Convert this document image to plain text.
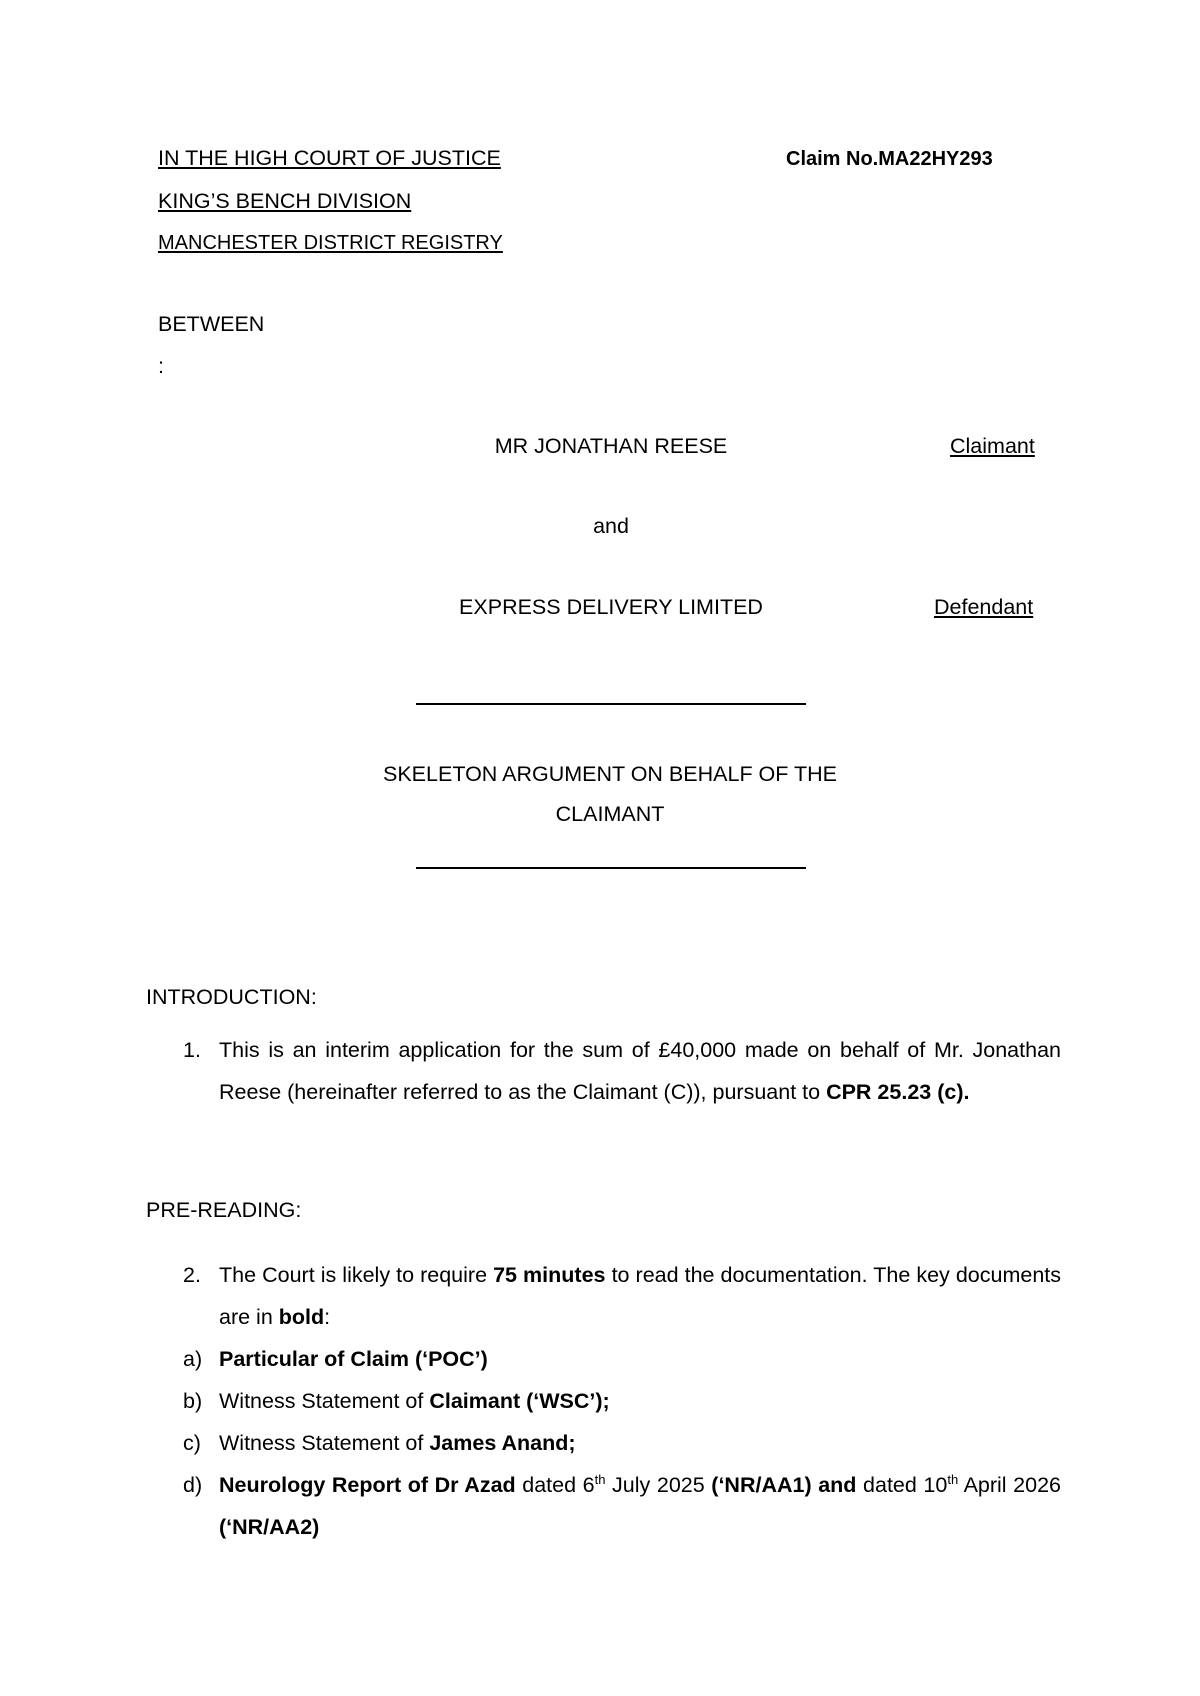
IN THE HIGH COURT OF JUSTICE	Claim No.MA22HY293
KING’S BENCH DIVISION
MANCHESTER DISTRICT REGISTRY
BETWEEN
:
MR JONATHAN REESE	Claimant
and
EXPRESS DELIVERY LIMITED	Defendant
SKELETON ARGUMENT ON BEHALF OF THE
CLAIMANT
INTRODUCTION:
1. This is an interim application for the sum of £40,000 made on behalf of Mr. Jonathan Reese (hereinafter referred to as the Claimant (C)), pursuant to CPR 25.23 (c).
PRE-READING:
2. The Court is likely to require 75 minutes to read the documentation. The key documents are in bold:
a) Particular of Claim (‘POC’)
b) Witness Statement of Claimant (‘WSC’);
c) Witness Statement of James Anand;
d) Neurology Report of Dr Azad dated 6th July 2025 (‘NR/AA1) and dated 10th April 2026 (‘NR/AA2)
